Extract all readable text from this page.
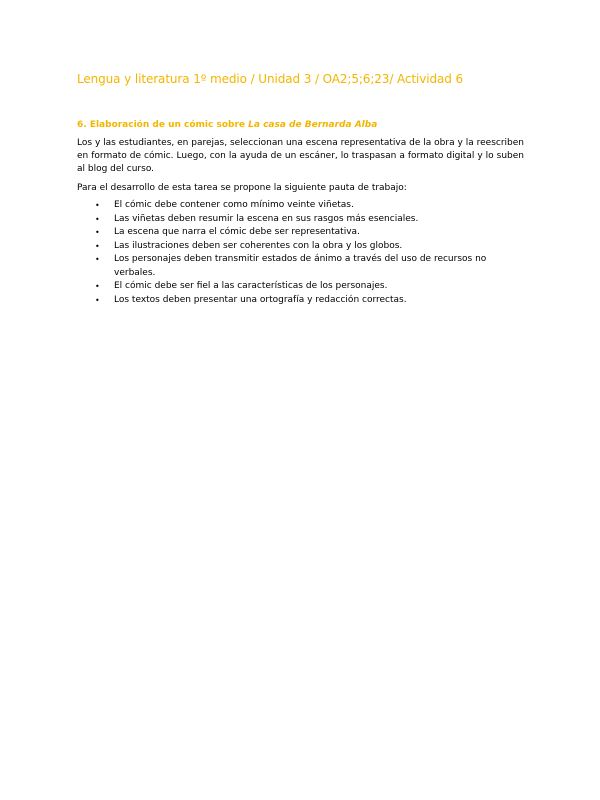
Lengua y literatura 1º medio / Unidad 3 / OA2;5;6;23/ Actividad 6
6. Elaboración de un cómic sobre La casa de Bernarda Alba

Los y las estudiantes, en parejas, seleccionan una escena representativa de la obra y la reescriben en formato de cómic. Luego, con la ayuda de un escáner, lo traspasan a formato digital y lo suben al blog del curso.

Para el desarrollo de esta tarea se propone la siguiente pauta de trabajo:

• El cómic debe contener como mínimo veinte viñetas.
• Las viñetas deben resumir la escena en sus rasgos más esenciales.
• La escena que narra el cómic debe ser representativa.
• Las ilustraciones deben ser coherentes con la obra y los globos.
• Los personajes deben transmitir estados de ánimo a través del uso de recursos no verbales.
• El cómic debe ser fiel a las características de los personajes.
• Los textos deben presentar una ortografía y redacción correctas.
